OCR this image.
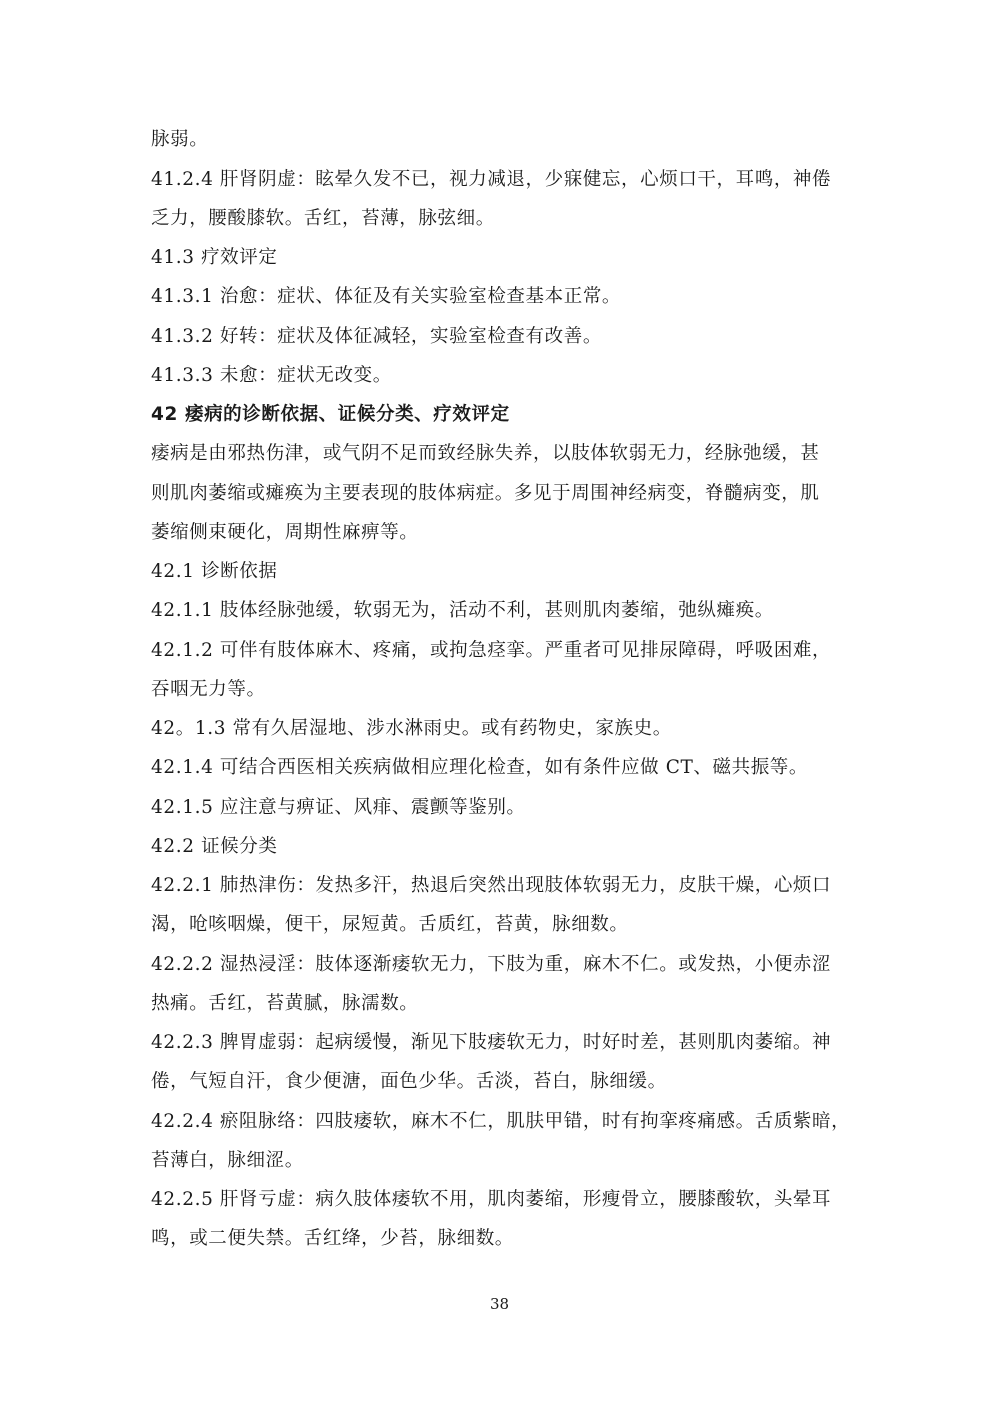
脉弱。
41.2.4 肝肾阴虚：眩晕久发不已，视力减退，少寐健忘，心烦口干，耳鸣，神倦
乏力，腰酸膝软。舌红，苔薄，脉弦细。
41.3 疗效评定
41.3.1 治愈：症状、体征及有关实验室检查基本正常。
41.3.2 好转：症状及体征减轻，实验室检查有改善。
41.3.3 未愈：症状无改变。
42 痿病的诊断依据、证候分类、疗效评定
痿病是由邪热伤津，或气阴不足而致经脉失养，以肢体软弱无力，经脉弛缓，甚
则肌肉萎缩或瘫痪为主要表现的肢体病症。多见于周围神经病变，脊髓病变，肌
萎缩侧束硬化，周期性麻痹等。
42.1 诊断依据
42.1.1 肢体经脉弛缓，软弱无为，活动不利，甚则肌肉萎缩，弛纵瘫痪。
42.1.2 可伴有肢体麻木、疼痛，或拘急痉挛。严重者可见排尿障碍，呼吸困难，
吞咽无力等。
42。1.3 常有久居湿地、涉水淋雨史。或有药物史，家族史。
42.1.4 可结合西医相关疾病做相应理化检查，如有条件应做 CT、磁共振等。
42.1.5 应注意与痹证、风痱、震颤等鉴别。
42.2 证候分类
42.2.1 肺热津伤：发热多汗，热退后突然出现肢体软弱无力，皮肤干燥，心烦口
渴，呛咳咽燥，便干，尿短黄。舌质红，苔黄，脉细数。
42.2.2 湿热浸淫：肢体逐渐痿软无力，下肢为重，麻木不仁。或发热，小便赤涩
热痛。舌红，苔黄腻，脉濡数。
42.2.3 脾胃虚弱：起病缓慢，渐见下肢痿软无力，时好时差，甚则肌肉萎缩。神
倦，气短自汗，食少便溏，面色少华。舌淡，苔白，脉细缓。
42.2.4 瘀阻脉络：四肢痿软，麻木不仁，肌肤甲错，时有拘挛疼痛感。舌质紫暗，
苔薄白，脉细涩。
42.2.5 肝肾亏虚：病久肢体痿软不用，肌肉萎缩，形瘦骨立，腰膝酸软，头晕耳
鸣，或二便失禁。舌红绛，少苔，脉细数。
38
